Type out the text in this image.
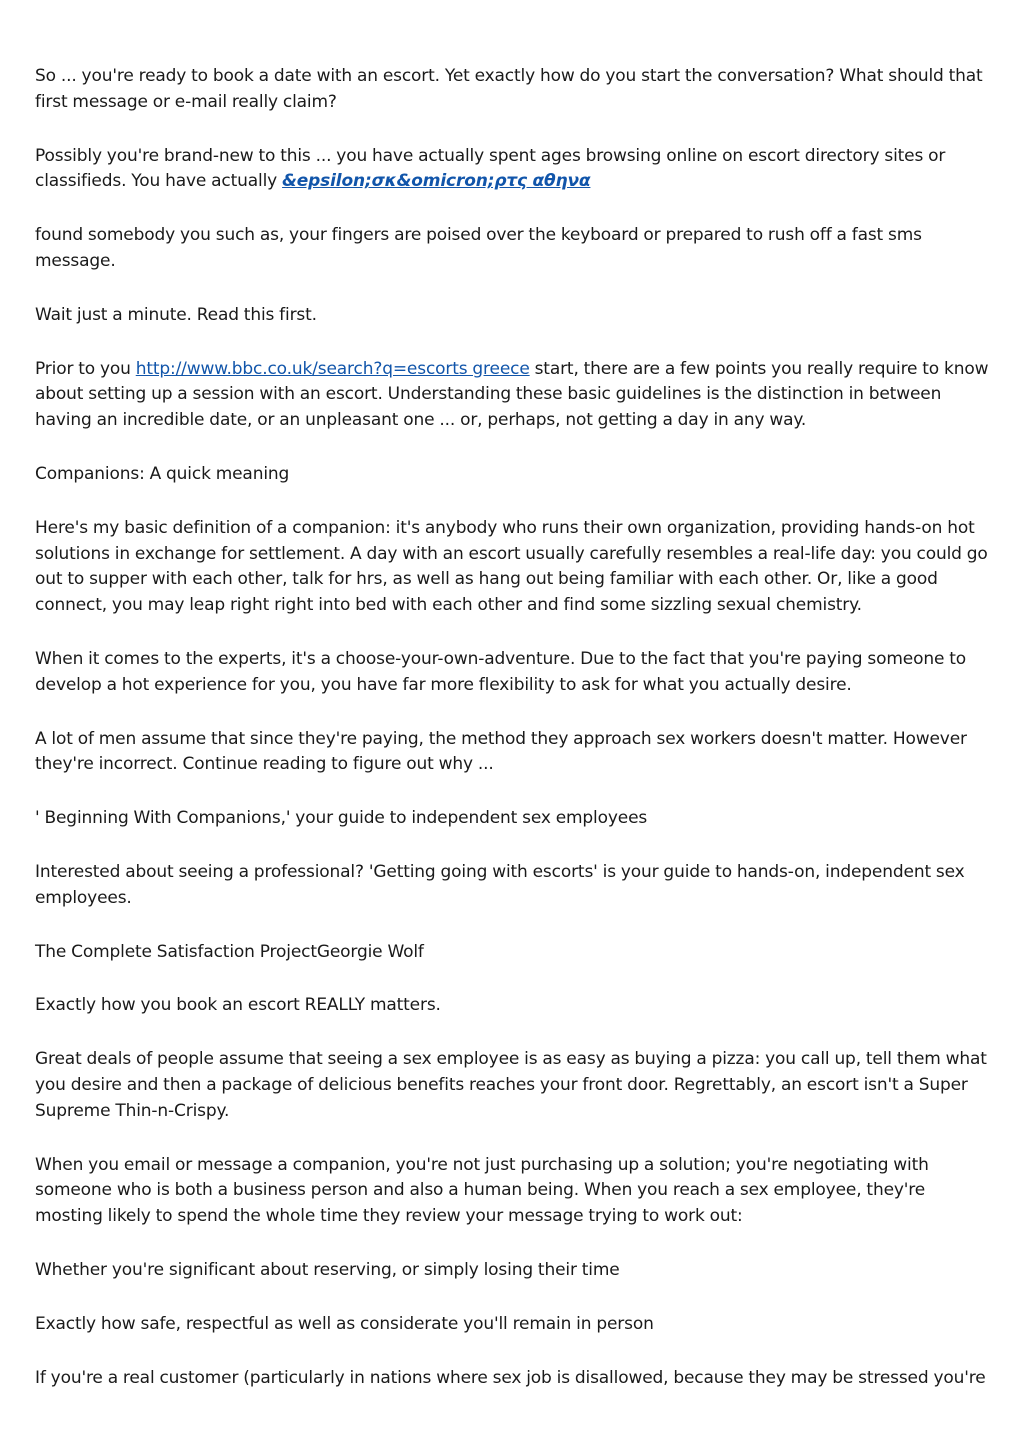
So ... you're ready to book a date with an escort. Yet exactly how do you start the conversation? What should that first message or e-mail really claim?

Possibly you're brand-new to this ... you have actually spent ages browsing online on escort directory sites or classifieds. You have actually &epsilon;σκ&omicron;ρτς αθηνα

found somebody you such as, your fingers are poised over the keyboard or prepared to rush off a fast sms message.

Wait just a minute. Read this first.

Prior to you http://www.bbc.co.uk/search?q=escorts greece start, there are a few points you really require to know about setting up a session with an escort. Understanding these basic guidelines is the distinction in between having an incredible date, or an unpleasant one ... or, perhaps, not getting a day in any way.

Companions: A quick meaning

Here's my basic definition of a companion: it's anybody who runs their own organization, providing hands-on hot solutions in exchange for settlement. A day with an escort usually carefully resembles a real-life day: you could go out to supper with each other, talk for hrs, as well as hang out being familiar with each other. Or, like a good connect, you may leap right right into bed with each other and find some sizzling sexual chemistry.

When it comes to the experts, it's a choose-your-own-adventure. Due to the fact that you're paying someone to develop a hot experience for you, you have far more flexibility to ask for what you actually desire.

A lot of men assume that since they're paying, the method they approach sex workers doesn't matter. However they're incorrect. Continue reading to figure out why ...

' Beginning With Companions,' your guide to independent sex employees

Interested about seeing a professional? 'Getting going with escorts' is your guide to hands-on, independent sex employees.

The Complete Satisfaction ProjectGeorgie Wolf

Exactly how you book an escort REALLY matters.

Great deals of people assume that seeing a sex employee is as easy as buying a pizza: you call up, tell them what you desire and then a package of delicious benefits reaches your front door. Regrettably, an escort isn't a Super Supreme Thin-n-Crispy.

When you email or message a companion, you're not just purchasing up a solution; you're negotiating with someone who is both a business person and also a human being. When you reach a sex employee, they're mosting likely to spend the whole time they review your message trying to work out:

Whether you're significant about reserving, or simply losing their time

Exactly how safe, respectful as well as considerate you'll remain in person

If you're a real customer (particularly in nations where sex job is disallowed, because they may be stressed you're
